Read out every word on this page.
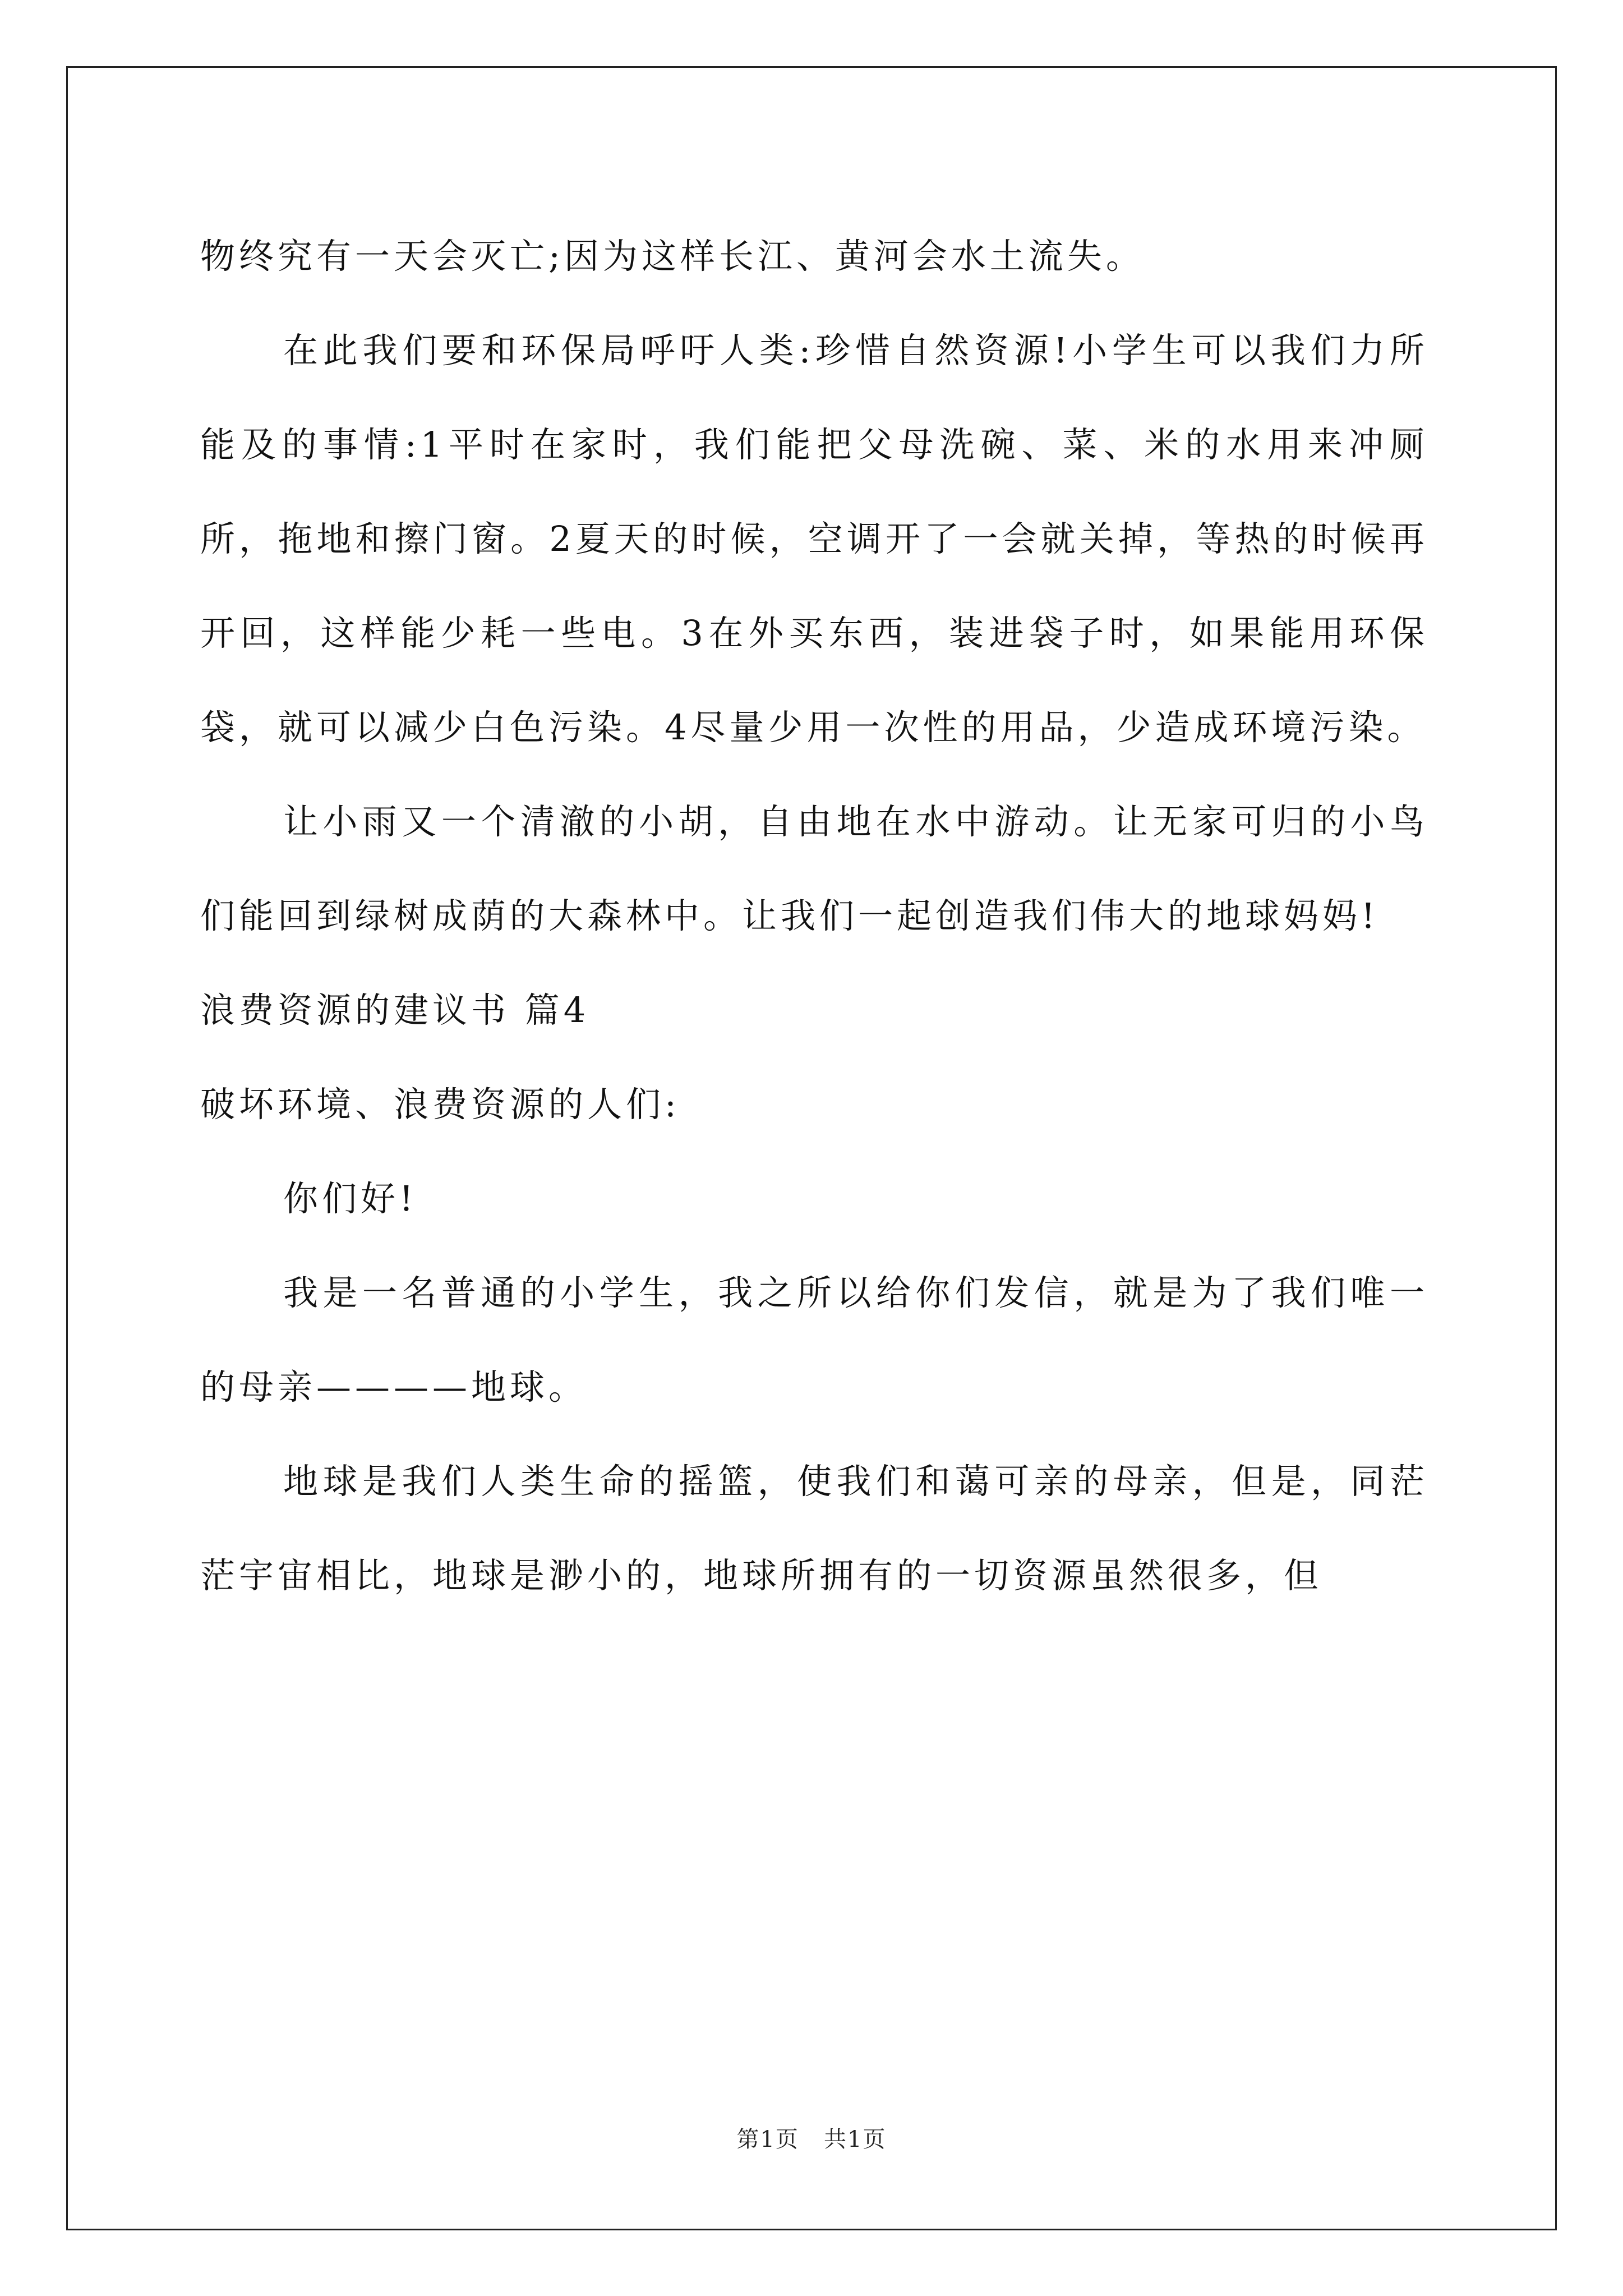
物终究有一天会灭亡;因为这样长江、黄河会水土流失。

在此我们要和环保局呼吁人类:珍惜自然资源!小学生可以我们力所能及的事情:1平时在家时，我们能把父母洗碗、菜、米的水用来冲厕所，拖地和擦门窗。2夏天的时候，空调开了一会就关掉，等热的时候再开回，这样能少耗一些电。3在外买东西，装进袋子时，如果能用环保袋，就可以减少白色污染。4尽量少用一次性的用品，少造成环境污染。

让小雨又一个清澈的小胡，自由地在水中游动。让无家可归的小鸟们能回到绿树成荫的大森林中。让我们一起创造我们伟大的地球妈妈!

浪费资源的建议书 篇4

破坏环境、浪费资源的人们:

你们好!

我是一名普通的小学生，我之所以给你们发信，就是为了我们唯一的母亲————地球。

地球是我们人类生命的摇篮，使我们和蔼可亲的母亲，但是，同茫茫宇宙相比，地球是渺小的，地球所拥有的一切资源虽然很多，但

第1页   共1页
